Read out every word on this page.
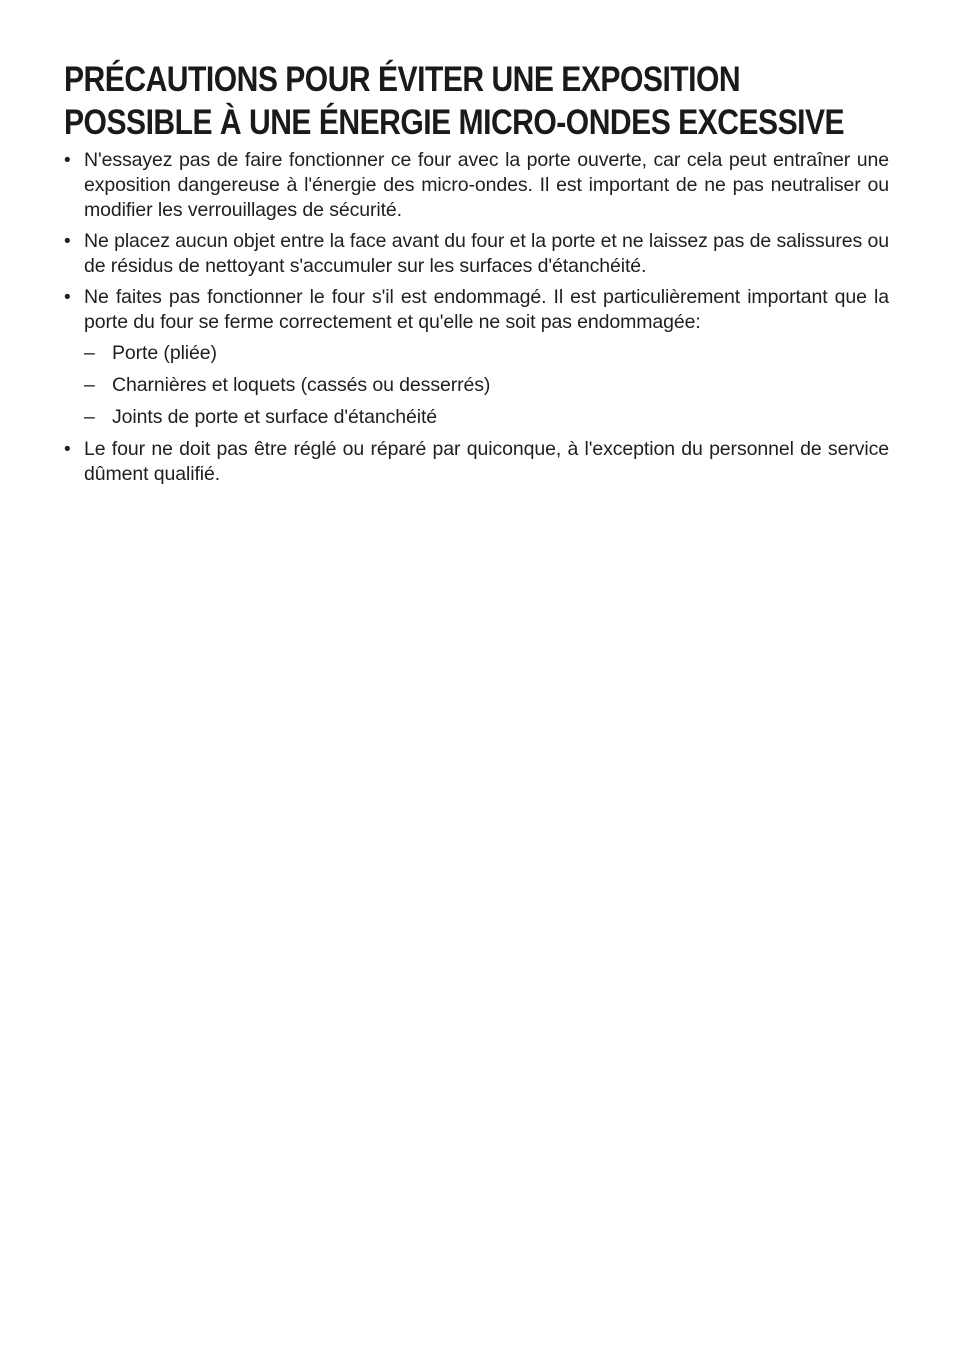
PRÉCAUTIONS POUR ÉVITER UNE EXPOSITION
POSSIBLE À UNE ÉNERGIE MICRO-ONDES EXCESSIVE
• N'essayez pas de faire fonctionner ce four avec la porte ouverte, car cela peut entraîner une exposition dangereuse à l'énergie des micro-ondes. Il est important de ne pas neutraliser ou modifier les verrouillages de sécurité.
• Ne placez aucun objet entre la face avant du four et la porte et ne laissez pas de salissures ou de résidus de nettoyant s'accumuler sur les surfaces d'étanchéité.
• Ne faites pas fonctionner le four s'il est endommagé. Il est particulièrement important que la porte du four se ferme correctement et qu'elle ne soit pas endommagée:
– Porte (pliée)
– Charnières et loquets (cassés ou desserrés)
– Joints de porte et surface d'étanchéité
• Le four ne doit pas être réglé ou réparé par quiconque, à l'exception du personnel de service dûment qualifié.
